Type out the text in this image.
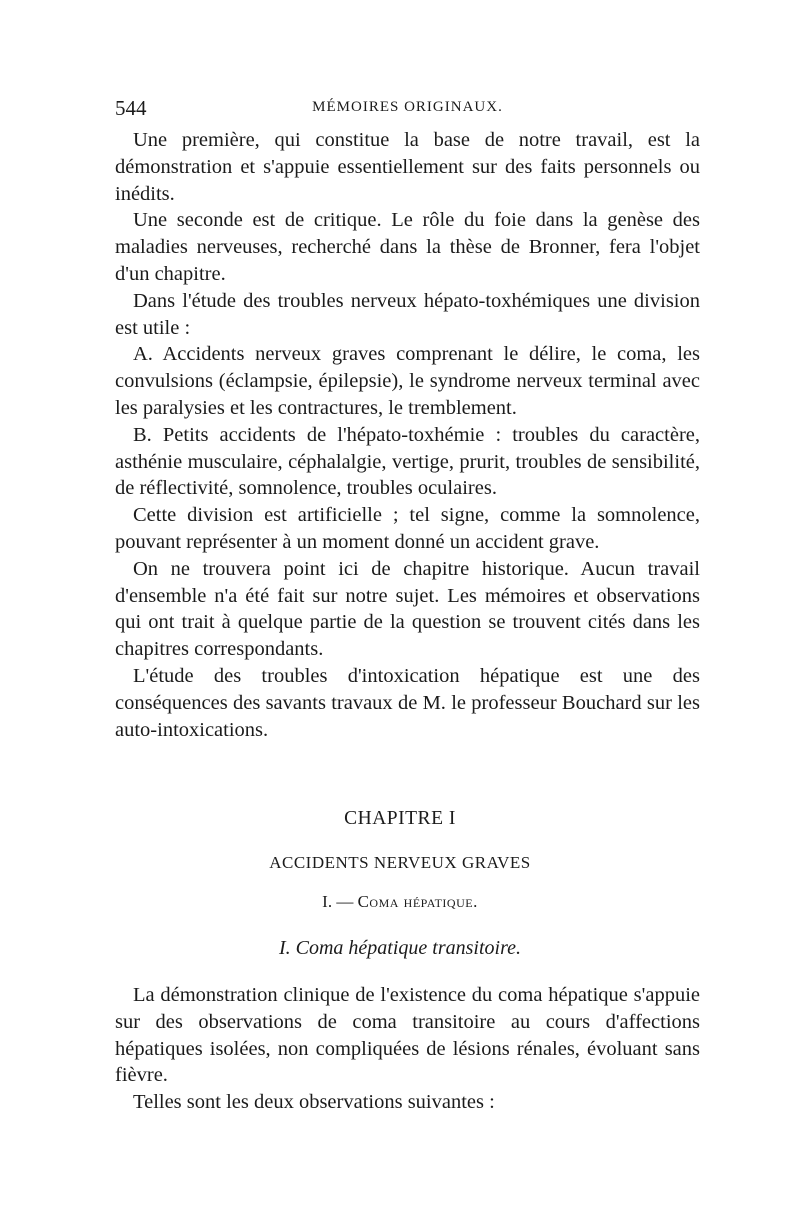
544	MÉMOIRES ORIGINAUX.

Une première, qui constitue la base de notre travail, est la démonstration et s'appuie essentiellement sur des faits personnels ou inédits.

Une seconde est de critique. Le rôle du foie dans la genèse des maladies nerveuses, recherché dans la thèse de Bronner, fera l'objet d'un chapitre.

Dans l'étude des troubles nerveux hépato-toxhémiques une division est utile :

A. Accidents nerveux graves comprenant le délire, le coma, les convulsions (éclampsie, épilepsie), le syndrome nerveux terminal avec les paralysies et les contractures, le tremblement.

B. Petits accidents de l'hépato-toxhémie : troubles du caractère, asthénie musculaire, céphalalgie, vertige, prurit, troubles de sensibilité, de réflectivité, somnolence, troubles oculaires.

Cette division est artificielle ; tel signe, comme la somnolence, pouvant représenter à un moment donné un accident grave.

On ne trouvera point ici de chapitre historique. Aucun travail d'ensemble n'a été fait sur notre sujet. Les mémoires et observations qui ont trait à quelque partie de la question se trouvent cités dans les chapitres correspondants.

L'étude des troubles d'intoxication hépatique est une des conséquences des savants travaux de M. le professeur Bouchard sur les auto-intoxications.

CHAPITRE I
ACCIDENTS NERVEUX GRAVES
I. — Coma hépatique.
I. Coma hépatique transitoire.

La démonstration clinique de l'existence du coma hépatique s'appuie sur des observations de coma transitoire au cours d'affections hépatiques isolées, non compliquées de lésions rénales, évoluant sans fièvre.

Telles sont les deux observations suivantes :
